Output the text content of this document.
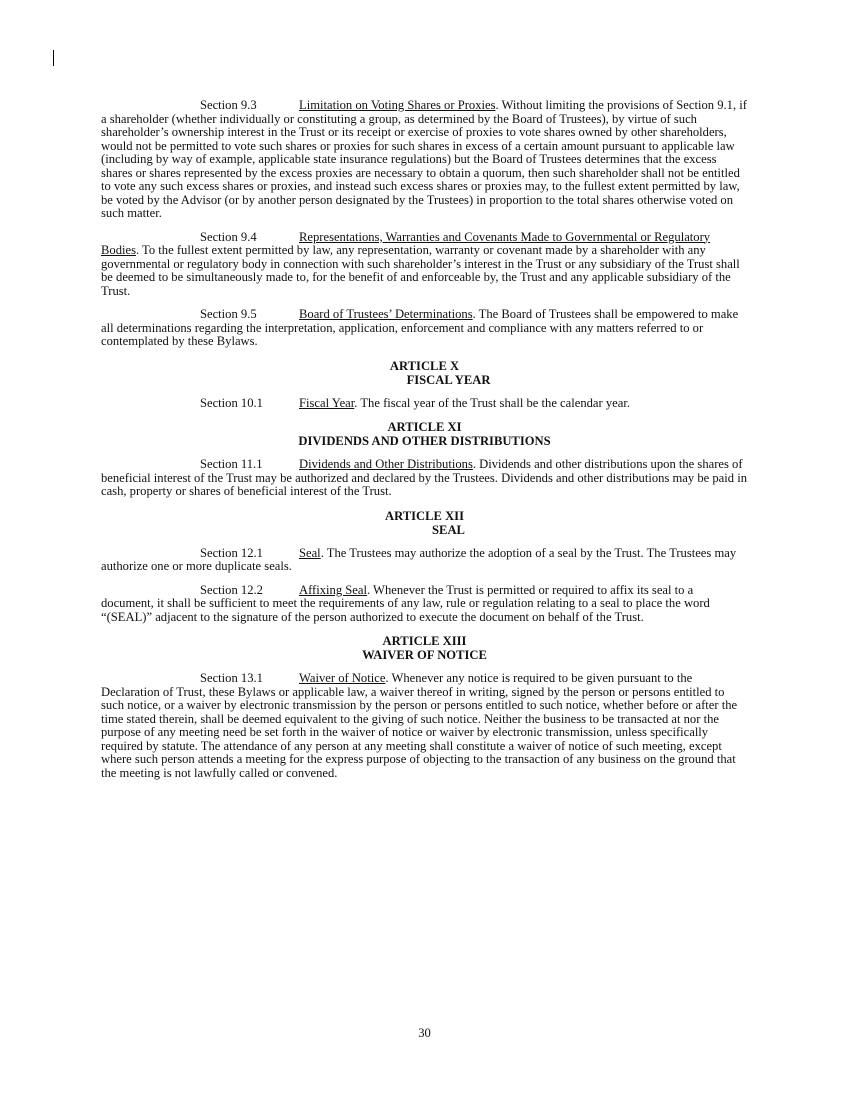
Section 9.3	Limitation on Voting Shares or Proxies. Without limiting the provisions of Section 9.1, if a shareholder (whether individually or constituting a group, as determined by the Board of Trustees), by virtue of such shareholder’s ownership interest in the Trust or its receipt or exercise of proxies to vote shares owned by other shareholders, would not be permitted to vote such shares or proxies for such shares in excess of a certain amount pursuant to applicable law (including by way of example, applicable state insurance regulations) but the Board of Trustees determines that the excess shares or shares represented by the excess proxies are necessary to obtain a quorum, then such shareholder shall not be entitled to vote any such excess shares or proxies, and instead such excess shares or proxies may, to the fullest extent permitted by law, be voted by the Advisor (or by another person designated by the Trustees) in proportion to the total shares otherwise voted on such matter.

Section 9.4	Representations, Warranties and Covenants Made to Governmental or Regulatory Bodies. To the fullest extent permitted by law, any representation, warranty or covenant made by a shareholder with any governmental or regulatory body in connection with such shareholder’s interest in the Trust or any subsidiary of the Trust shall be deemed to be simultaneously made to, for the benefit of and enforceable by, the Trust and any applicable subsidiary of the Trust.

Section 9.5	Board of Trustees’ Determinations. The Board of Trustees shall be empowered to make all determinations regarding the interpretation, application, enforcement and compliance with any matters referred to or contemplated by these Bylaws.

ARTICLE X
FISCAL YEAR

Section 10.1	Fiscal Year. The fiscal year of the Trust shall be the calendar year.

ARTICLE XI
DIVIDENDS AND OTHER DISTRIBUTIONS

Section 11.1	Dividends and Other Distributions. Dividends and other distributions upon the shares of beneficial interest of the Trust may be authorized and declared by the Trustees. Dividends and other distributions may be paid in cash, property or shares of beneficial interest of the Trust.

ARTICLE XII
SEAL

Section 12.1	Seal. The Trustees may authorize the adoption of a seal by the Trust. The Trustees may authorize one or more duplicate seals.

Section 12.2	Affixing Seal. Whenever the Trust is permitted or required to affix its seal to a document, it shall be sufficient to meet the requirements of any law, rule or regulation relating to a seal to place the word “(SEAL)” adjacent to the signature of the person authorized to execute the document on behalf of the Trust.

ARTICLE XIII
WAIVER OF NOTICE

Section 13.1	Waiver of Notice. Whenever any notice is required to be given pursuant to the Declaration of Trust, these Bylaws or applicable law, a waiver thereof in writing, signed by the person or persons entitled to such notice, or a waiver by electronic transmission by the person or persons entitled to such notice, whether before or after the time stated therein, shall be deemed equivalent to the giving of such notice. Neither the business to be transacted at nor the purpose of any meeting need be set forth in the waiver of notice or waiver by electronic transmission, unless specifically required by statute. The attendance of any person at any meeting shall constitute a waiver of notice of such meeting, except where such person attends a meeting for the express purpose of objecting to the transaction of any business on the ground that the meeting is not lawfully called or convened.

30
